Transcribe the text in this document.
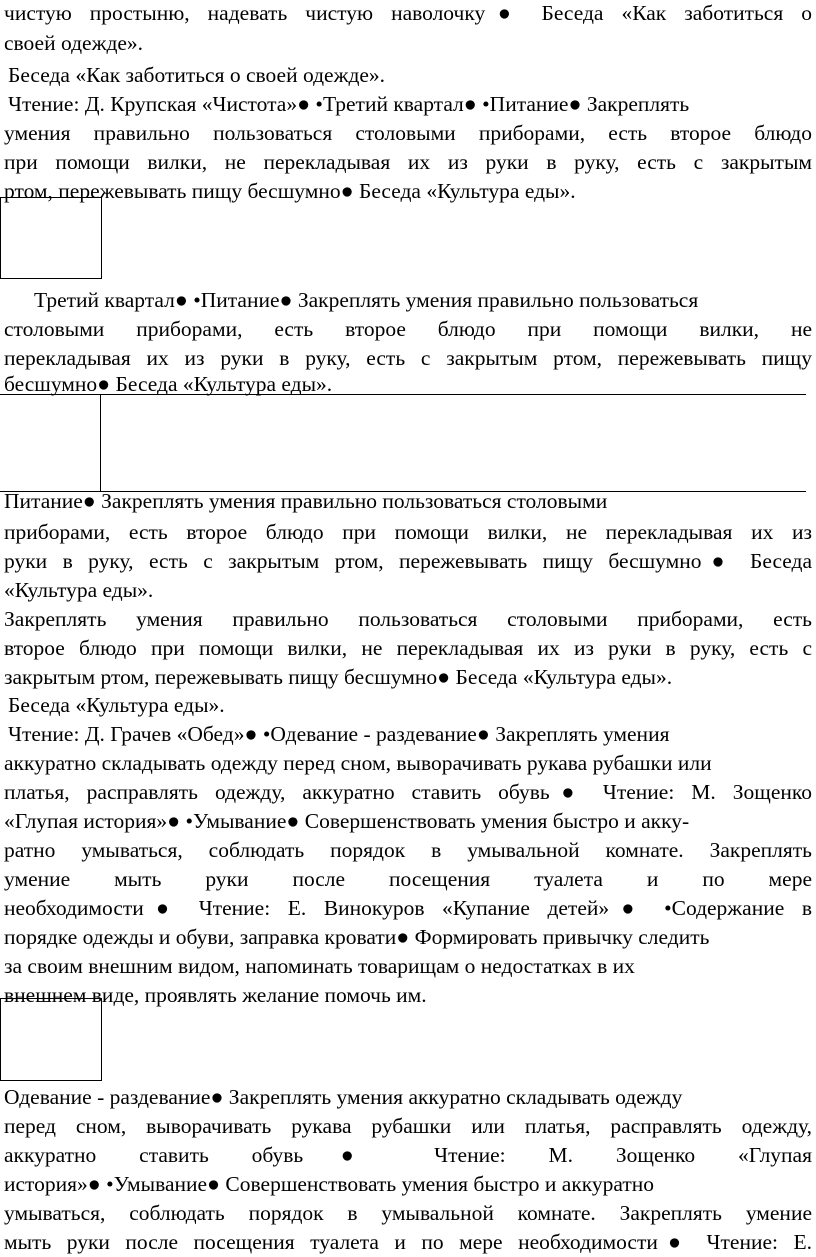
чистую простыню, надевать чистую наволочку● Беседа «Как заботиться о

своей одежде».

Беседа «Как заботиться о своей одежде».

Чтение: Д. Крупская «Чистота»● •Третий квартал● •Питание● Закреплять

умения правильно пользоваться столовыми приборами, есть второе блюдо

при помощи вилки, не перекладывая их из руки в руку, есть с закрытым

ртом, пережевывать пищу бесшумно● Беседа «Культура еды».

Третий квартал● •Питание● Закреплять умения правильно пользоваться

столовыми приборами, есть второе блюдо при помощи вилки, не

перекладывая их из руки в руку, есть с закрытым ртом, пережевывать пищу

бесшумно● Беседа «Культура еды».

Питание● Закреплять умения правильно пользоваться столовыми

приборами, есть второе блюдо при помощи вилки, не перекладывая их из

руки в руку, есть с закрытым ртом, пережевывать пищу бесшумно● Беседа

«Культура еды».

Закреплять умения правильно пользоваться столовыми приборами, есть

второе блюдо при помощи вилки, не перекладывая их из руки в руку, есть с

закрытым ртом, пережевывать пищу бесшумно● Беседа «Культура еды».

Беседа «Культура еды».

Чтение: Д. Грачев «Обед»● •Одевание - раздевание● Закреплять умения

аккуратно складывать одежду перед сном, выворачивать рукава рубашки или

платья, расправлять одежду, аккуратно ставить обувь● Чтение: М. Зощенко

«Глупая история»● •Умывание● Совершенствовать умения быстро и акку-

ратно умываться, соблюдать порядок в умывальной комнате. Закреплять

умение мыть руки после посещения туалета и по мере

необходимости● Чтение: Е. Винокуров «Купание детей»● •Содержание в

порядке одежды и обуви, заправка кровати● Формировать привычку следить

за своим внешним видом, напоминать товарищам о недостатках в их

внешнем виде, проявлять желание помочь им.

Одевание - раздевание● Закреплять умения аккуратно складывать одежду

перед сном, выворачивать рукава рубашки или платья, расправлять одежду,

аккуратно ставить обувь● Чтение: М. Зощенко «Глупая

история»● •Умывание● Совершенствовать умения быстро и аккуратно

умываться, соблюдать порядок в умывальной комнате. Закреплять умение

мыть руки после посещения туалета и по мере необходимости● Чтение: Е.
